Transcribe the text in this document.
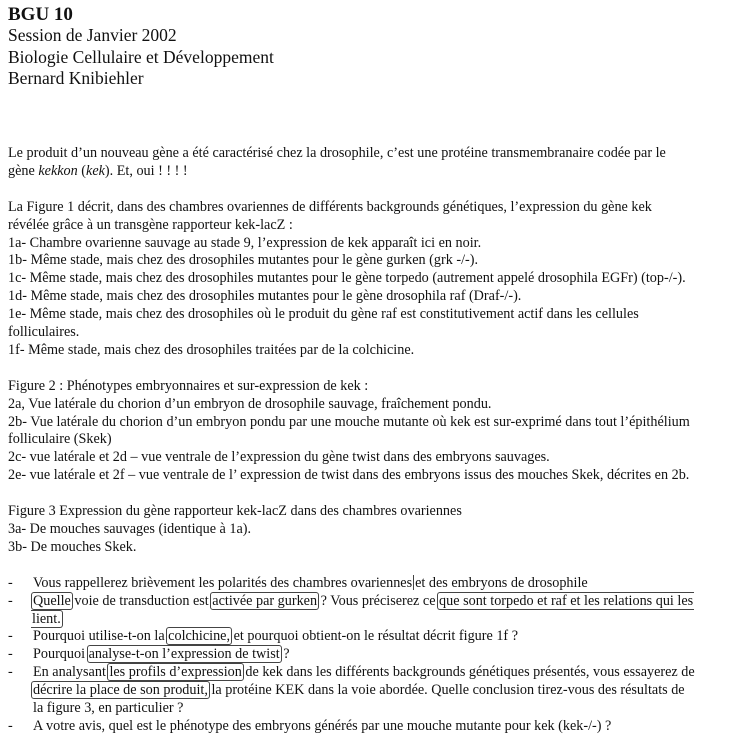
BGU 10
Session de Janvier 2002
Biologie Cellulaire et Développement
Bernard Knibiehler
Le produit d’un nouveau gène a été caractérisé chez la drosophile, c’est une protéine transmembranaire codée par le
gène kekkon (kek). Et, oui ! ! ! !
La Figure 1 décrit, dans des chambres ovariennes de différents backgrounds génétiques, l’expression du gène kek
révélée grâce à un transgène rapporteur kek-lacZ :
1a- Chambre ovarienne sauvage au stade 9, l’expression de kek apparaît ici en noir.
1b- Même stade, mais chez des drosophiles mutantes pour le gène gurken (grk -/-).
1c- Même stade, mais chez des drosophiles mutantes pour le gène torpedo (autrement appelé drosophila EGFr) (top-/-).
1d- Même stade, mais chez des drosophiles mutantes pour le gène drosophila raf (Draf-/-).
1e- Même stade, mais chez des drosophiles où le produit du gène raf est constitutivement actif dans les cellules
folliculaires.
1f- Même stade, mais chez des drosophiles traitées par de la colchicine.
Figure 2 : Phénotypes embryonnaires et sur-expression de kek :
2a, Vue latérale du chorion d’un embryon de drosophile sauvage, fraîchement pondu.
2b- Vue latérale du chorion d’un embryon pondu par une mouche mutante où kek est sur-exprimé dans tout l’épithélium
folliculaire (Skek)
2c- vue latérale et 2d – vue ventrale de l’expression du gène twist dans des embryons sauvages.
2e- vue latérale et 2f – vue ventrale de l’ expression de twist dans des embryons issus des mouches Skek, décrites en 2b.
Figure 3 Expression du gène rapporteur kek-lacZ dans des chambres ovariennes
3a- De mouches sauvages (identique à 1a).
3b- De mouches Skek.
-	Vous rappellerez brièvement les polarités des chambres ovariennes et des embryons de drosophile
-	Quelle voie de transduction est activée par gurken ? Vous préciserez ce que sont torpedo et raf et les relations qui les
lient.
-	Pourquoi utilise-t-on la colchicine, et pourquoi obtient-on le résultat décrit figure 1f ?
-	Pourquoi analyse-t-on l’expression de twist ?
-	En analysant les profils d’expression de kek dans les différents backgrounds génétiques présentés, vous essayerez de
décrire la place de son produit, la protéine KEK dans la voie abordée. Quelle conclusion tirez-vous des résultats de
la figure 3, en particulier ?
-	A votre avis, quel est le phénotype des embryons générés par une mouche mutante pour kek (kek-/-) ?
